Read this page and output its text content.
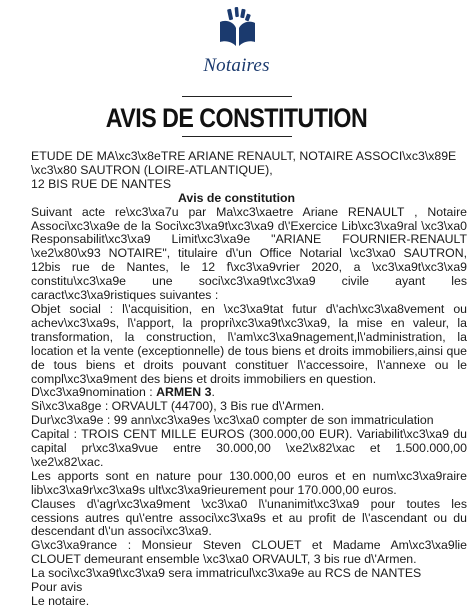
Notaires
AVIS DE CONSTITUTION

ETUDE DE MA\xc3\x8eTRE ARIANE RENAULT, NOTAIRE ASSOCI\xc3\x89E \xc3\x80 SAUTRON (LOIRE-ATLANTIQUE),

12 BIS RUE DE NANTES

Avis de constitution

Suivant acte re\xc3\xa7u par Ma\xc3\xaetre Ariane RENAULT , Notaire Associ\xc3\xa9e de la Soci\xc3\xa9t\xc3\xa9 d\'Exercice Lib\xc3\xa9ral \xc3\xa0 Responsabilit\xc3\xa9 Limit\xc3\xa9e "ARIANE FOURNIER-RENAULT \xe2\x80\x93 NOTAIRE", titulaire d\'un Office Notarial \xc3\xa0 SAUTRON, 12bis rue de Nantes, le 12 f\xc3\xa9vrier 2020, a \xc3\xa9t\xc3\xa9 constitu\xc3\xa9e une soci\xc3\xa9t\xc3\xa9 civile ayant les caract\xc3\xa9ristiques suivantes :

Objet social : l\'acquisition, en \xc3\xa9tat futur d\'ach\xc3\xa8vement ou achev\xc3\xa9s, l\'apport, la propri\xc3\xa9t\xc3\xa9, la mise en valeur, la transformation, la construction, l\'am\xc3\xa9nagement,l\'administration, la location et la vente (exceptionnelle) de tous biens et droits immobiliers,ainsi que de tous biens et droits pouvant constituer l\'accessoire, l\'annexe ou le compl\xc3\xa9ment des biens et droits immobiliers en question.

D\xc3\xa9nomination : ARMEN 3.

Si\xc3\xa8ge : ORVAULT (44700), 3 Bis rue d\'Armen.

Dur\xc3\xa9e : 99 ann\xc3\xa9es \xc3\xa0 compter de son immatriculation

Capital : TROIS CENT MILLE EUROS (300.000,00 EUR). Variabilit\xc3\xa9 du capital pr\xc3\xa9vue entre 30.000,00 \xe2\x82\xac et 1.500.000,00 \xe2\x82\xac.

Les apports sont en nature pour 130.000,00 euros et en num\xc3\xa9raire lib\xc3\xa9r\xc3\xa9s ult\xc3\xa9rieurement pour 170.000,00 euros.

Clauses d\'agr\xc3\xa9ment \xc3\xa0 l\'unanimit\xc3\xa9 pour toutes les cessions autres qu\'entre associ\xc3\xa9s et au profit de l\'ascendant ou du descendant d\'un associ\xc3\xa9.

G\xc3\xa9rance : Monsieur Steven CLOUET et Madame Am\xc3\xa9lie CLOUET demeurant ensemble \xc3\xa0 ORVAULT, 3 bis rue d\'Armen.

La soci\xc3\xa9t\xc3\xa9 sera immatricul\xc3\xa9e au RCS de NANTES

Pour avis

Le notaire.
